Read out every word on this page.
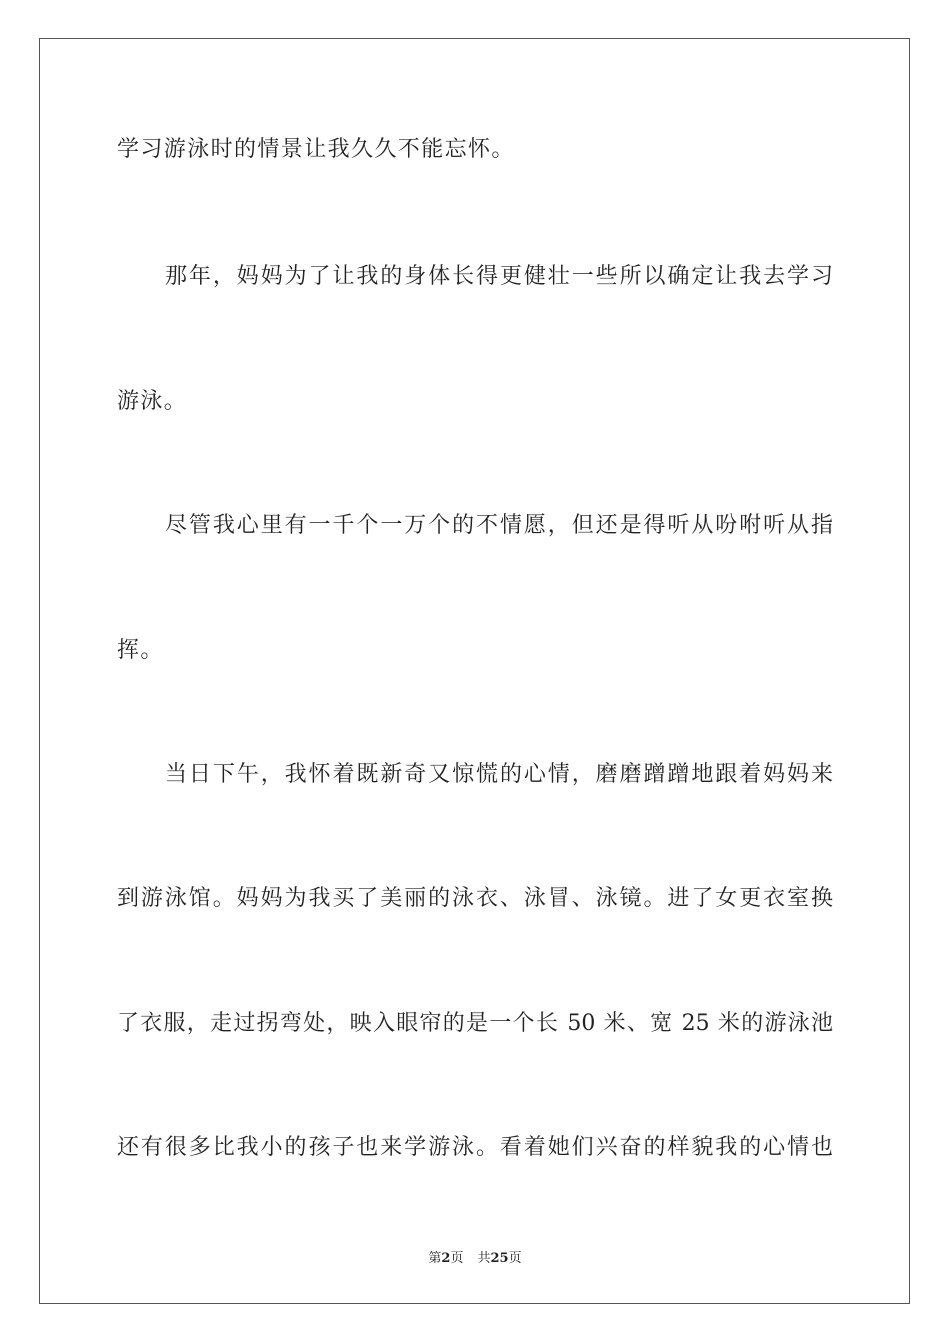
学习游泳时的情景让我久久不能忘怀。
那年，妈妈为了让我的身体长得更健壮一些所以确定让我去学习
游泳。
尽管我心里有一千个一万个的不情愿，但还是得听从吩咐听从指
挥。
当日下午，我怀着既新奇又惊慌的心情，磨磨蹭蹭地跟着妈妈来
到游泳馆。妈妈为我买了美丽的泳衣、泳冒、泳镜。进了女更衣室换
了衣服，走过拐弯处，映入眼帘的是一个长 50 米、宽 25 米的游泳池
还有很多比我小的孩子也来学游泳。看着她们兴奋的样貌我的心情也
第2页 共25页
